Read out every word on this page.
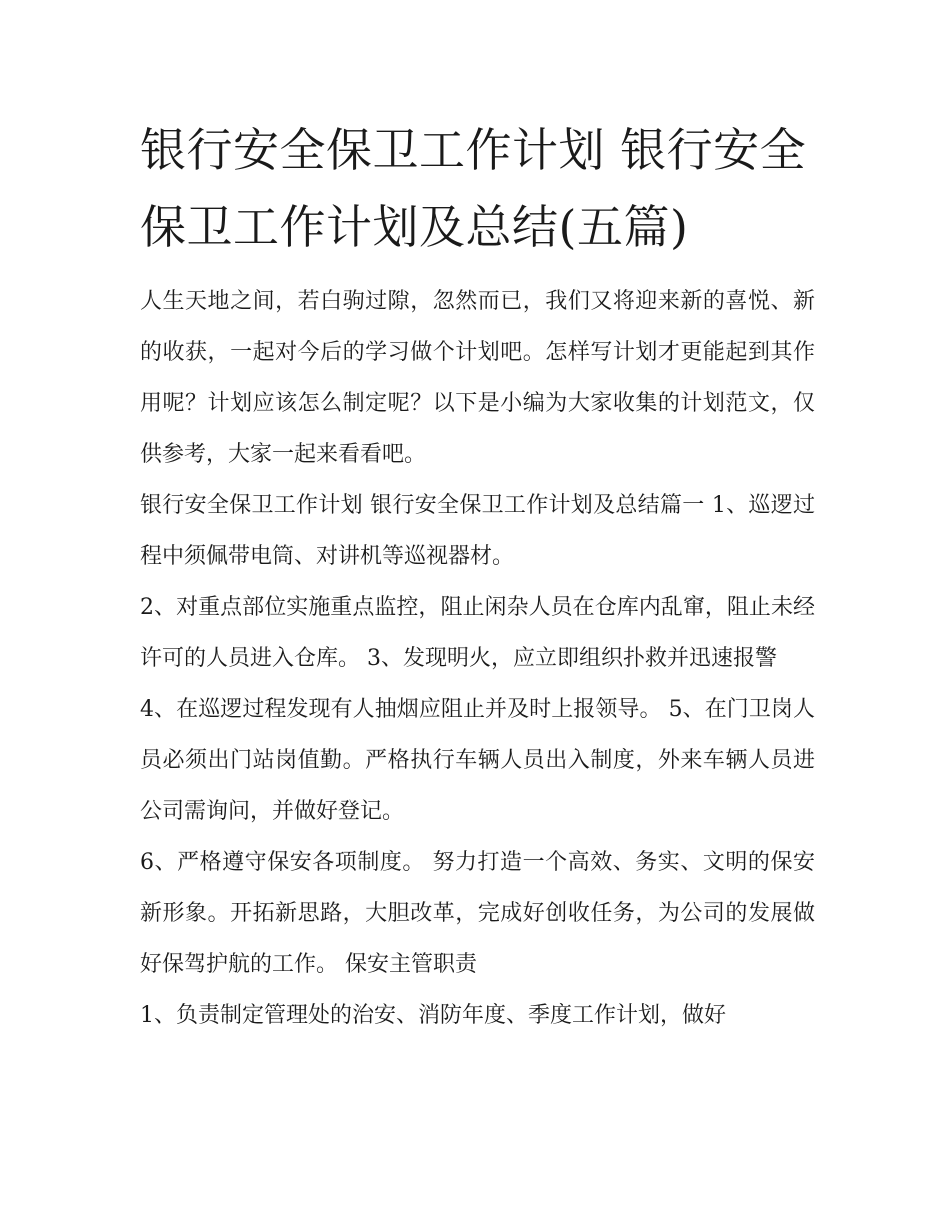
银行安全保卫工作计划 银行安全保卫工作计划及总结(五篇)

人生天地之间，若白驹过隙，忽然而已，我们又将迎来新的喜悦、新的收获，一起对今后的学习做个计划吧。怎样写计划才更能起到其作用呢？计划应该怎么制定呢？以下是小编为大家收集的计划范文，仅供参考，大家一起来看看吧。

银行安全保卫工作计划 银行安全保卫工作计划及总结篇一 1、巡逻过程中须佩带电筒、对讲机等巡视器材。

2、对重点部位实施重点监控，阻止闲杂人员在仓库内乱窜，阻止未经许可的人员进入仓库。 3、发现明火，应立即组织扑救并迅速报警

4、在巡逻过程发现有人抽烟应阻止并及时上报领导。 5、在门卫岗人员必须出门站岗值勤。严格执行车辆人员出入制度，外来车辆人员进公司需询问，并做好登记。

6、严格遵守保安各项制度。 努力打造一个高效、务实、文明的保安新形象。开拓新思路，大胆改革，完成好创收任务，为公司的发展做好保驾护航的工作。 保安主管职责

1、负责制定管理处的治安、消防年度、季度工作计划，做好
